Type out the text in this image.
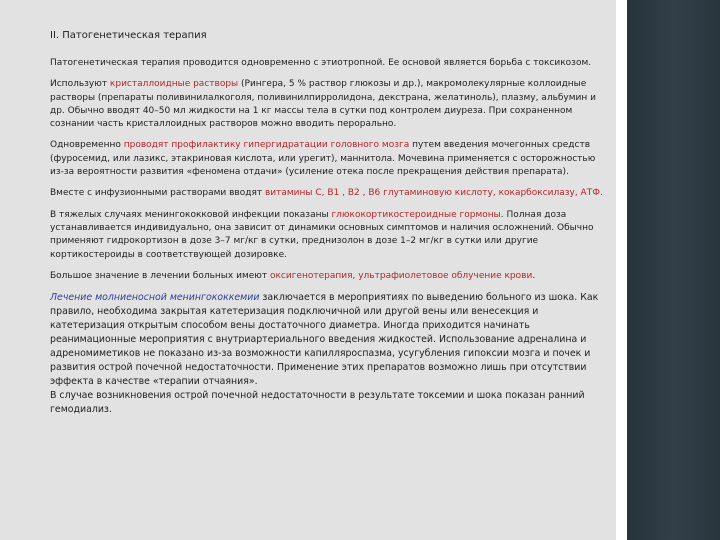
II. Патогенетическая терапия
Патогенетическая терапия проводится одновременно с этиотропной. Ее основой является борьба с токсикозом.
Используют кристаллоидные растворы (Рингера, 5 % раствор глюкозы и др.), макромолекулярные коллоидные растворы (препараты поливинилалкоголя, поливинилпирролидона, декстрана, желатиноль), плазму, альбумин и др. Обычно вводят 40–50 мл жидкости на 1 кг массы тела в сутки под контролем диуреза. При сохраненном сознании часть кристаллоидных растворов можно вводить перорально.
Одновременно проводят профилактику гипергидратации головного мозга путем введения мочегонных средств (фуросемид, или лазикс, этакриновая кислота, или урегит), маннитола. Мочевина применяется с осторожностью из-за вероятности развития «феномена отдачи» (усиление отека после прекращения действия препарата).
Вместе с инфузионными растворами вводят витамины С, В1 , В2 , В6 глутаминовую кислоту, кокарбоксилазу, АТФ.
В тяжелых случаях менингококковой инфекции показаны глюкокортикостероидные гормоны. Полная доза устанавливается индивидуально, она зависит от динамики основных симптомов и наличия осложнений. Обычно применяют гидрокортизон в дозе 3–7 мг/кг в сутки, преднизолон в дозе 1–2 мг/кг в сутки или другие кортикостероиды в соответствующей дозировке.
Большое значение в лечении больных имеют оксигенотерапия, ультрафиолетовое облучение крови.
Лечение молниеносной менингококкемии заключается в мероприятиях по выведению больного из шока. Как правило, необходима закрытая катетеризация подключичной или другой вены или венесекция и катетеризация открытым способом вены достаточного диаметра. Иногда приходится начинать реанимационные мероприятия с внутриартериального введения жидкостей. Использование адреналина и адреномиметиков не показано из-за возможности капилляроспазма, усугубления гипоксии мозга и почек и развития острой почечной недостаточности. Применение этих препаратов возможно лишь при отсутствии эффекта в качестве «терапии отчаяния».
В случае возникновения острой почечной недостаточности в результате токсемии и шока показан ранний гемодиализ.
